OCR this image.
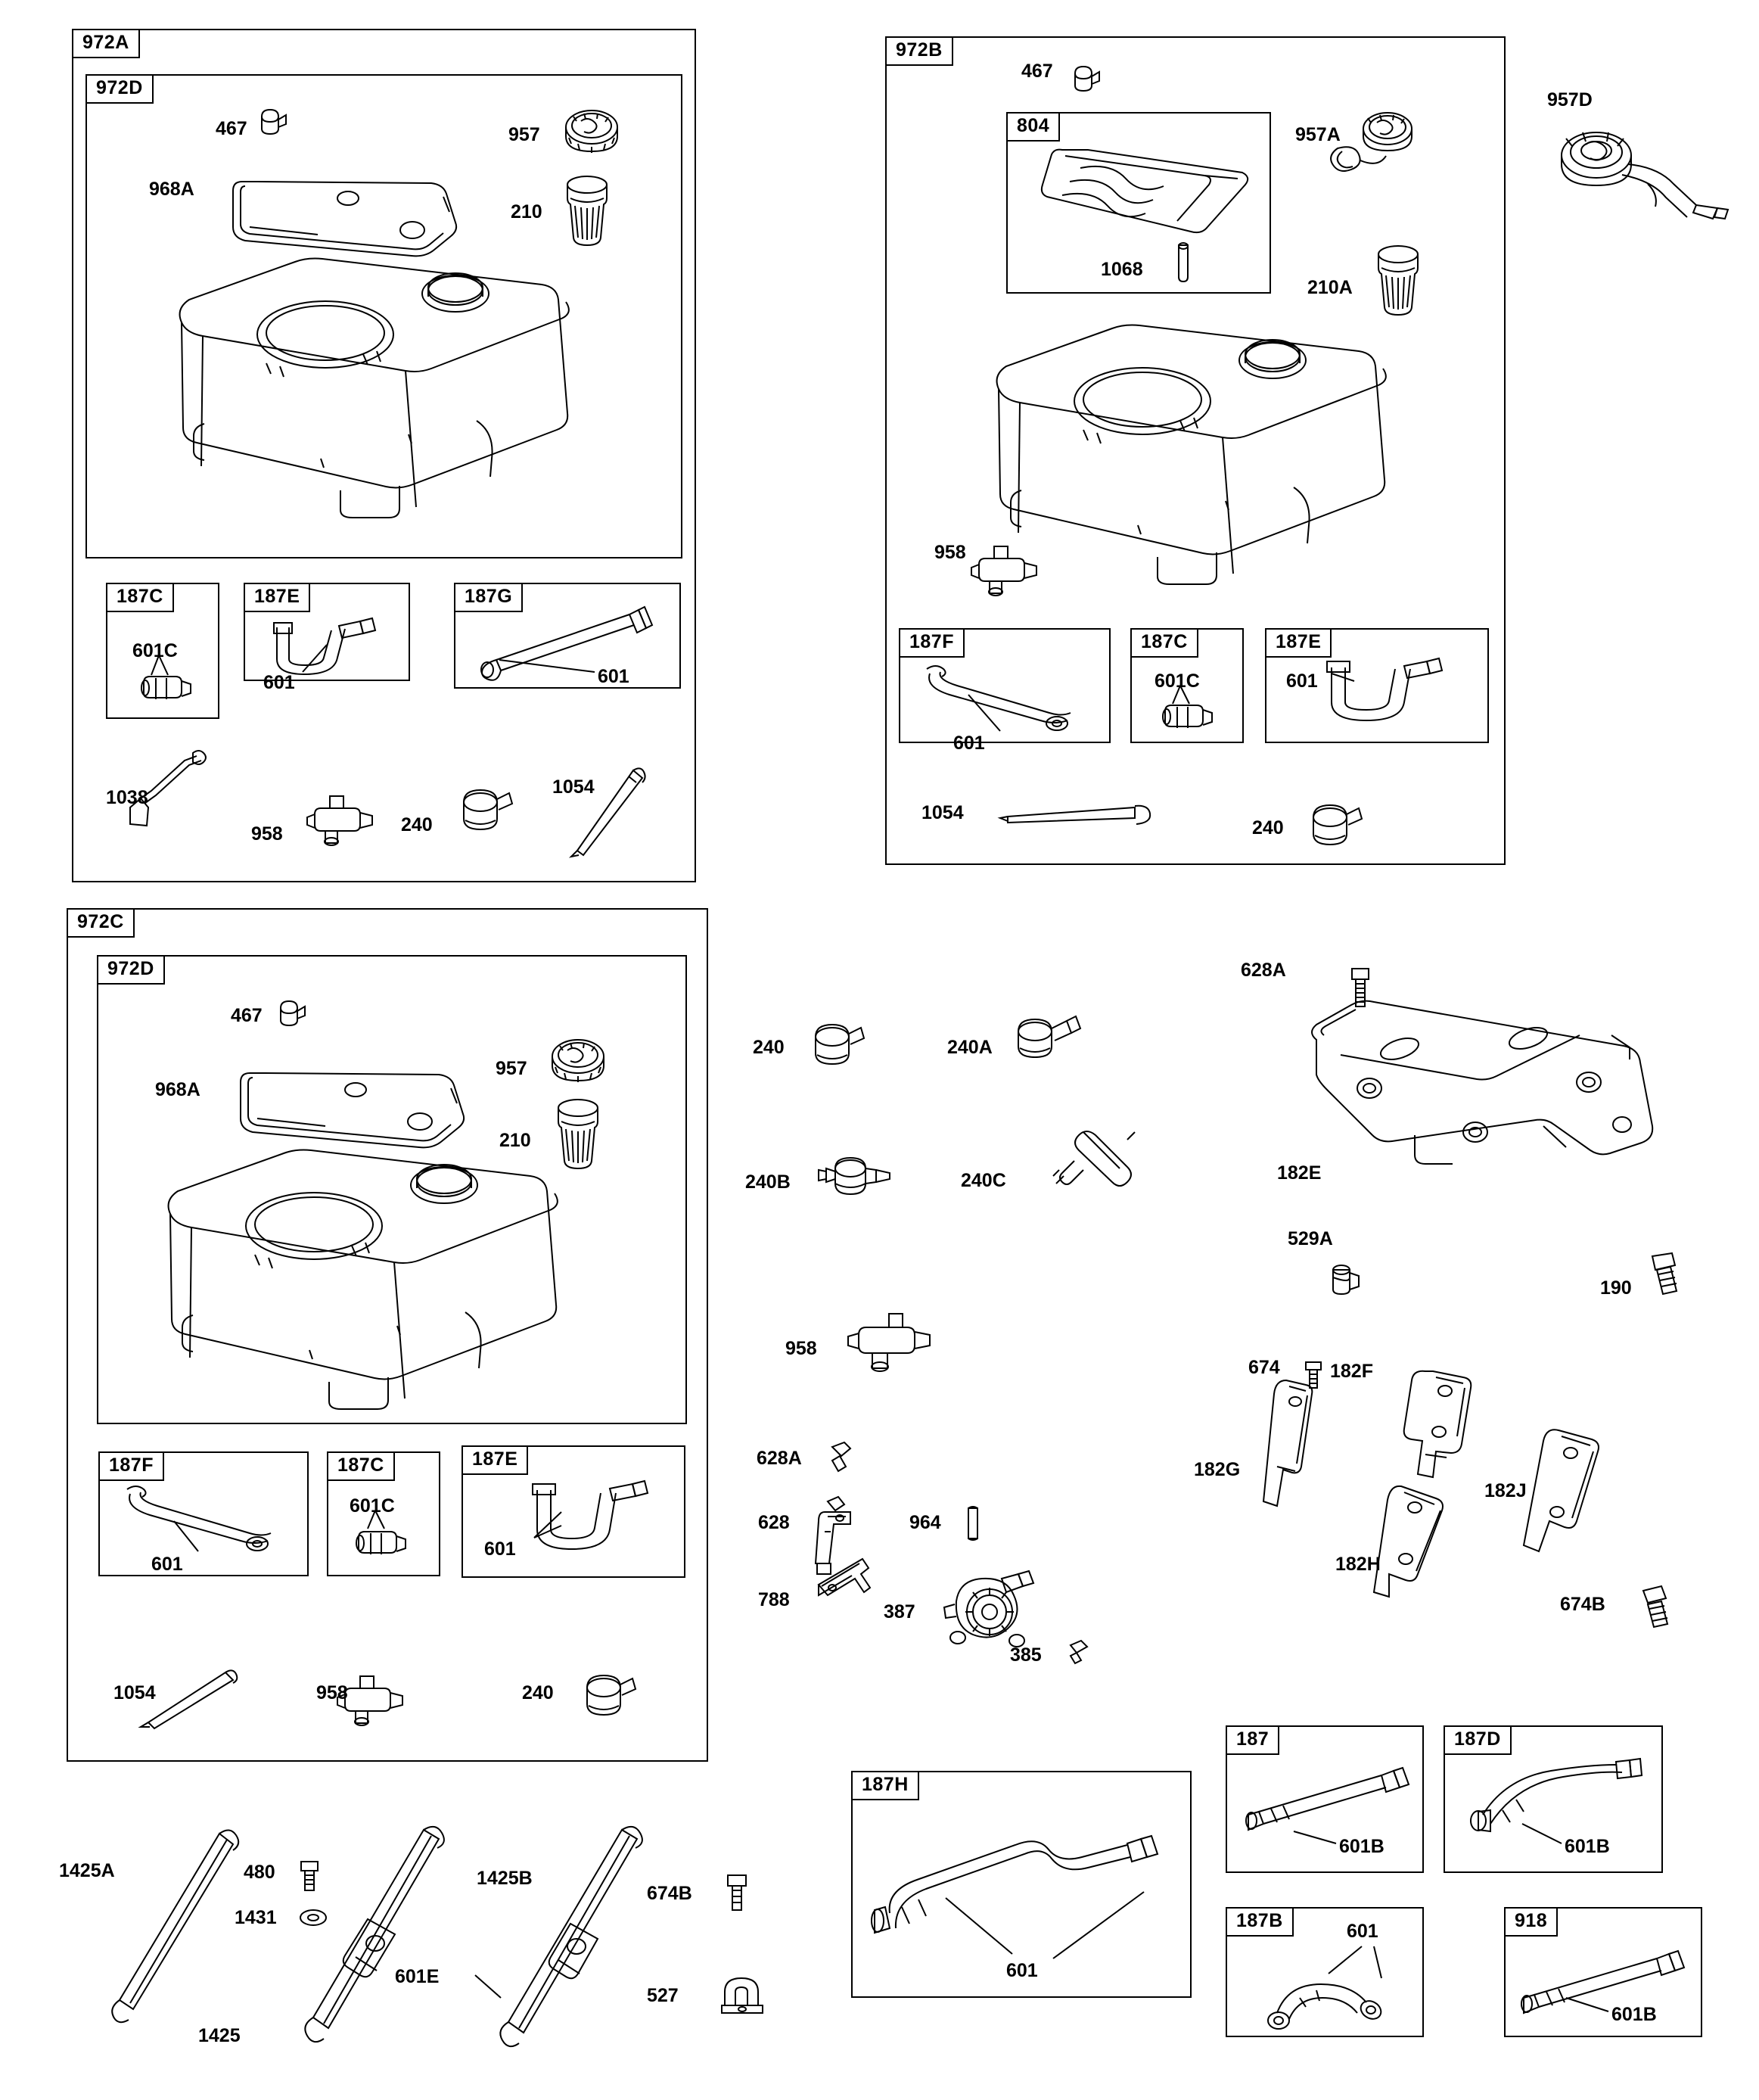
972A
972D
467	957
968A
210
187C
601C
187E
601
187G
601
1038
958	240
1054
972B
467
804
1068
957A
210A
958
187F
601
187C
601C
187E
601
1054
240
957D
972C
972D
467
957
968A
210
187F
601
187C
601C
187E
601
1054	958	240
240	240A
240B	240C
958
628A
628
788
964
387
385
628A
182E
529A
190
674	182F
182G
182J
182H
674B
187
601B
187D
601B
187H
601
187B	601	918
601B
1425A	480
1431
1425
601E
1425B
674B
527
